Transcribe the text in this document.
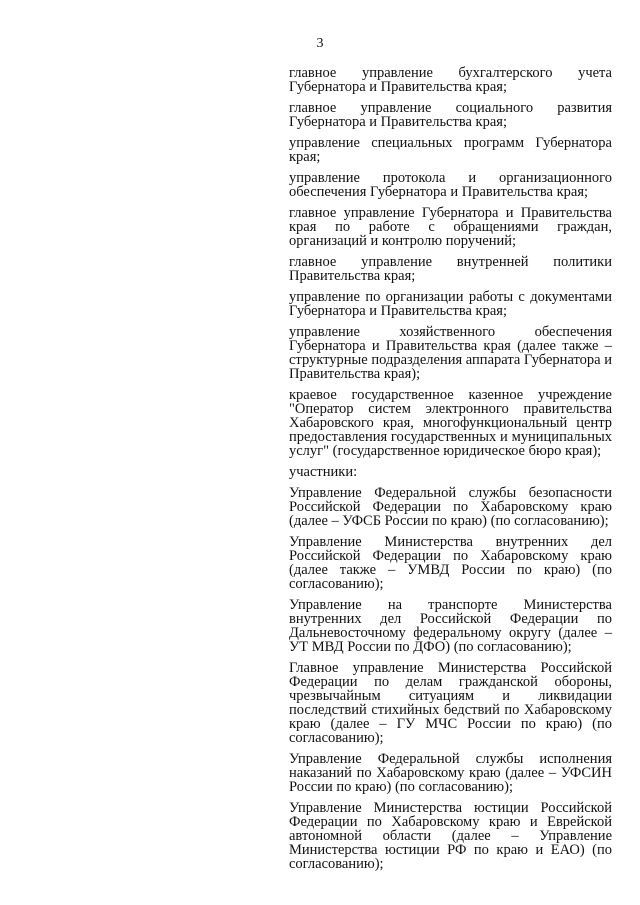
3

главное управление бухгалтерского учета Губернатора и Правительства края;

главное управление социального развития Губернатора и Правительства края;

управление специальных программ Губернатора края;

управление протокола и организационного обеспечения Губернатора и Правительства края;

главное управление Губернатора и Правительства края по работе с обращениями граждан, организаций и контролю поручений;

главное управление внутренней политики Правительства края;

управление по организации работы с документами Губернатора и Правительства края;

управление хозяйственного обеспечения Губернатора и Правительства края (далее также – структурные подразделения аппарата Губернатора и Правительства края);

краевое государственное казенное учреждение "Оператор систем электронного правительства Хабаровского края, многофункциональный центр предоставления государственных и муниципальных услуг" (государственное юридическое бюро края);

участники:

Управление Федеральной службы безопасности Российской Федерации по Хабаровскому краю (далее – УФСБ России по краю) (по согласованию);

Управление Министерства внутренних дел Российской Федерации по Хабаровскому краю (далее также – УМВД России по краю) (по согласованию);

Управление на транспорте Министерства внутренних дел Российской Федерации по Дальневосточному федеральному округу (далее – УТ МВД России по ДФО) (по согласованию);

Главное управление Министерства Российской Федерации по делам гражданской обороны, чрезвычайным ситуациям и ликвидации последствий стихийных бедствий по Хабаровскому краю (далее – ГУ МЧС России по краю) (по согласованию);

Управление Федеральной службы исполнения наказаний по Хабаровскому краю (далее – УФСИН России по краю) (по согласованию);

Управление Министерства юстиции Российской Федерации по Хабаровскому краю и Еврейской автономной области (далее – Управление Министерства юстиции РФ по краю и ЕАО) (по согласованию);
